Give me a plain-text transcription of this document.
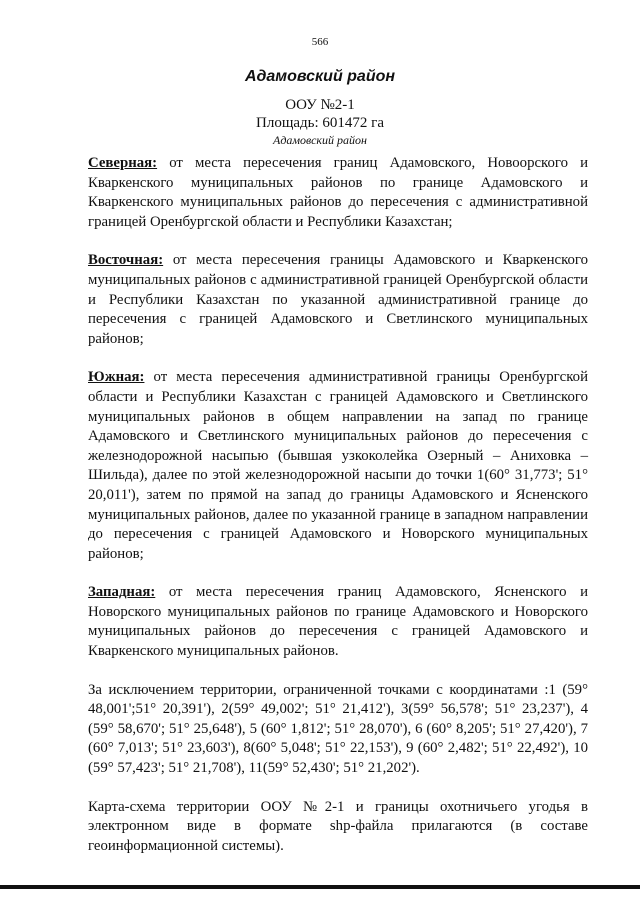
566
Адамовский район
ООУ №2-1
Площадь: 601472 га
Адамовский район

Северная: от места пересечения границ Адамовского, Новоорского и Кваркенского муниципальных районов по границе Адамовского и Кваркенского муниципальных районов до пересечения с административной границей Оренбургской области и Республики Казахстан;

Восточная: от места пересечения границы Адамовского и Кваркенского муниципальных районов с административной границей Оренбургской области и Республики Казахстан по указанной административной границе до пересечения с границей Адамовского и Светлинского муниципальных районов;

Южная: от места пересечения административной границы Оренбургской области и Республики Казахстан с границей Адамовского и Светлинского муниципальных районов в общем направлении на запад по границе Адамовского и Светлинского муниципальных районов до пересечения с железнодорожной насыпью (бывшая узкоколейка Озерный – Аниховка – Шильда), далее по этой железнодорожной насыпи до точки 1(60° 31,773'; 51° 20,011'), затем по прямой на запад до границы Адамовского и Ясненского муниципальных районов, далее по указанной границе в западном направлении до пересечения с границей Адамовского и Новорского муниципальных районов;

Западная: от места пересечения границ Адамовского, Ясненского и Новорского муниципальных районов по границе Адамовского и Новорского муниципальных районов до пересечения с границей Адамовского и Кваркенского муниципальных районов.

За исключением территории, ограниченной точками с координатами :1 (59° 48,001';51° 20,391'), 2(59° 49,002'; 51° 21,412'), 3(59° 56,578'; 51° 23,237'), 4 (59° 58,670'; 51° 25,648'), 5 (60° 1,812'; 51° 28,070'), 6 (60° 8,205'; 51° 27,420'), 7 (60° 7,013'; 51° 23,603'), 8(60° 5,048'; 51° 22,153'), 9 (60° 2,482'; 51° 22,492'), 10 (59° 57,423'; 51° 21,708'), 11(59° 52,430'; 51° 21,202').

Карта-схема территории ООУ №2-1 и границы охотничьего угодья в электронном виде в формате shp-файла прилагаются (в составе геоинформационной системы).
